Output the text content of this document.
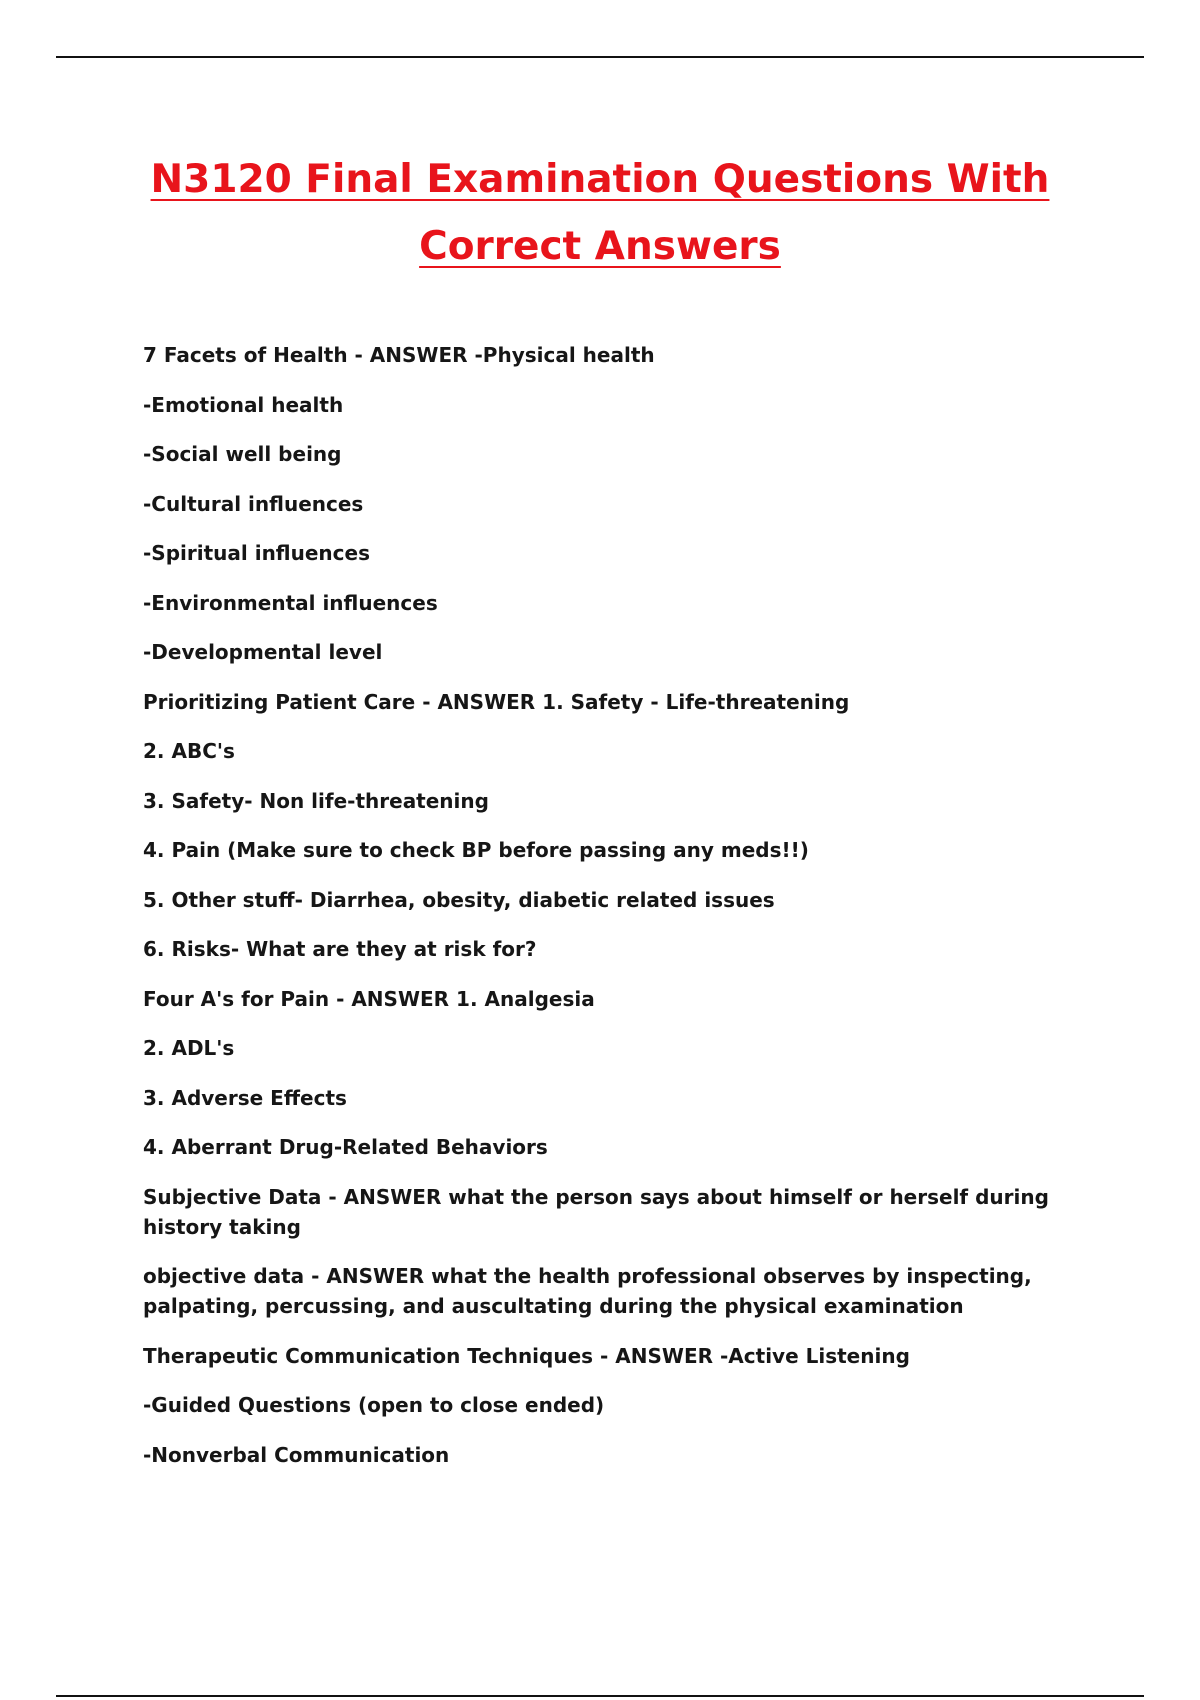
N3120 Final Examination Questions With
Correct Answers

7 Facets of Health - ANSWER -Physical health

-Emotional health

-Social well being

-Cultural influences

-Spiritual influences

-Environmental influences

-Developmental level

Prioritizing Patient Care - ANSWER 1. Safety - Life-threatening

2. ABC's

3. Safety- Non life-threatening

4. Pain (Make sure to check BP before passing any meds!!)

5. Other stuff- Diarrhea, obesity, diabetic related issues

6. Risks- What are they at risk for?

Four A's for Pain - ANSWER 1. Analgesia

2. ADL's

3. Adverse Effects

4. Aberrant Drug-Related Behaviors

Subjective Data - ANSWER what the person says about himself or herself during history taking

objective data - ANSWER what the health professional observes by inspecting, palpating, percussing, and auscultating during the physical examination

Therapeutic Communication Techniques - ANSWER -Active Listening

-Guided Questions (open to close ended)

-Nonverbal Communication
